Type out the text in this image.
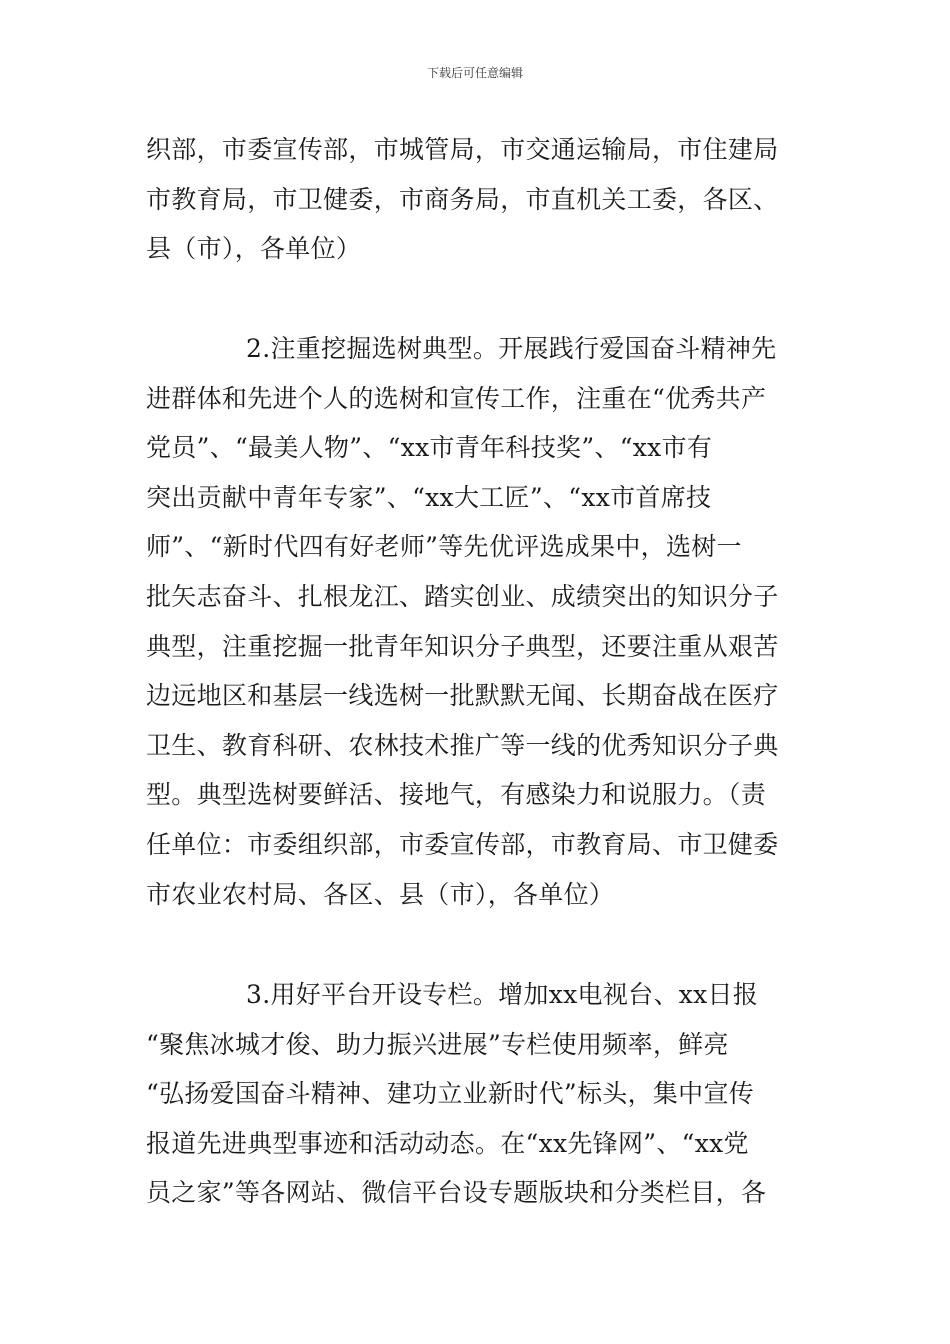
下载后可任意编辑
织部，市委宣传部，市城管局，市交通运输局，市住建局
市教育局，市卫健委，市商务局，市直机关工委，各区、
县（市），各单位）
2.注重挖掘选树典型。开展践行爱国奋斗精神先
进群体和先进个人的选树和宣传工作，注重在“优秀共产
党员”、“最美人物”、“xx市青年科技奖”、“xx市有
突出贡献中青年专家”、“xx大工匠”、“xx市首席技
师”、“新时代四有好老师”等先优评选成果中，选树一
批矢志奋斗、扎根龙江、踏实创业、成绩突出的知识分子
典型，注重挖掘一批青年知识分子典型，还要注重从艰苦
边远地区和基层一线选树一批默默无闻、长期奋战在医疗
卫生、教育科研、农林技术推广等一线的优秀知识分子典
型。典型选树要鲜活、接地气，有感染力和说服力。（责
任单位：市委组织部，市委宣传部，市教育局、市卫健委
市农业农村局、各区、县（市），各单位）
3.用好平台开设专栏。增加xx电视台、xx日报
“聚焦冰城才俊、助力振兴进展”专栏使用频率，鲜亮
“弘扬爱国奋斗精神、建功立业新时代”标头，集中宣传
报道先进典型事迹和活动动态。在“xx先锋网”、“xx党
员之家”等各网站、微信平台设专题版块和分类栏目，各
